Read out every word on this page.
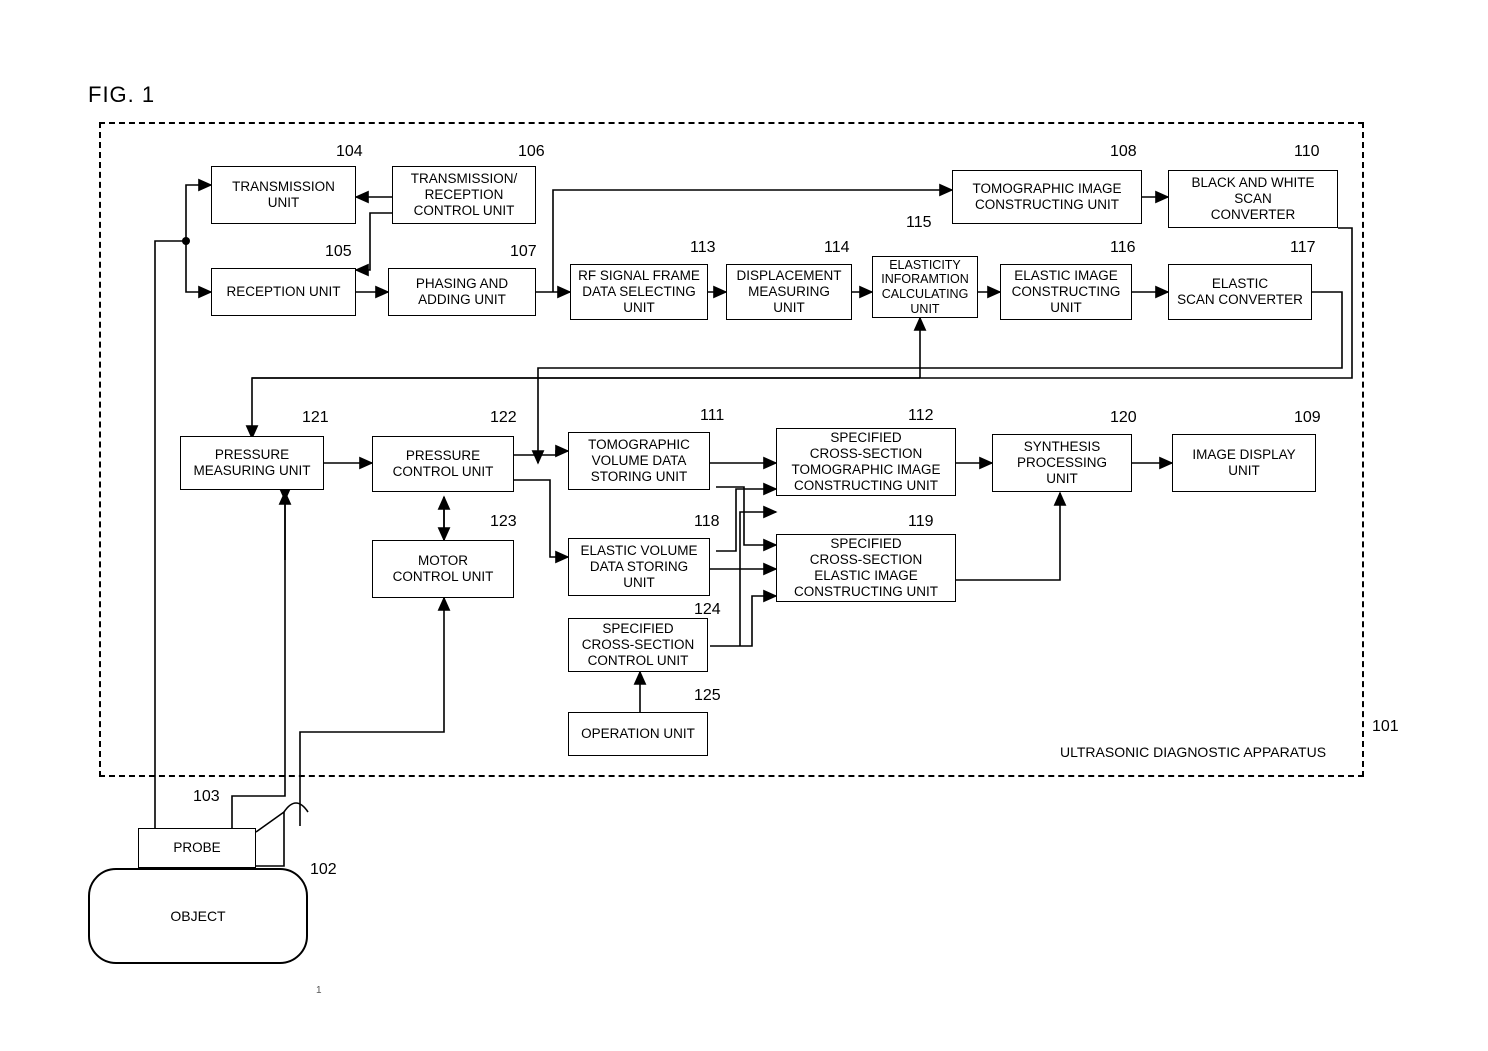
FIG. 1
TRANSMISSION
UNIT
104
TRANSMISSION/
RECEPTION
CONTROL UNIT
106
TOMOGRAPHIC IMAGE
CONSTRUCTING UNIT
108
BLACK AND WHITE
SCAN
CONVERTER
110
RECEPTION UNIT
105
PHASING AND
ADDING UNIT
107
RF SIGNAL FRAME
DATA SELECTING
UNIT
113
DISPLACEMENT
MEASURING
UNIT
114
ELASTICITY
INFORAMTION
CALCULATING
UNIT
115
ELASTIC IMAGE
CONSTRUCTING
UNIT
116
ELASTIC
SCAN CONVERTER
117
PRESSURE
MEASURING UNIT
121
PRESSURE
CONTROL UNIT
122
TOMOGRAPHIC
VOLUME DATA
STORING UNIT
111
SPECIFIED
CROSS-SECTION
TOMOGRAPHIC IMAGE
CONSTRUCTING UNIT
112
SYNTHESIS
PROCESSING
UNIT
120
IMAGE DISPLAY
UNIT
109
MOTOR
CONTROL UNIT
123
ELASTIC VOLUME
DATA STORING
UNIT
118
SPECIFIED
CROSS-SECTION
ELASTIC IMAGE
CONSTRUCTING UNIT
119
SPECIFIED
CROSS-SECTION
CONTROL UNIT
124
OPERATION UNIT
125
PROBE
103
OBJECT
102
ULTRASONIC DIAGNOSTIC APPARATUS
101
1
